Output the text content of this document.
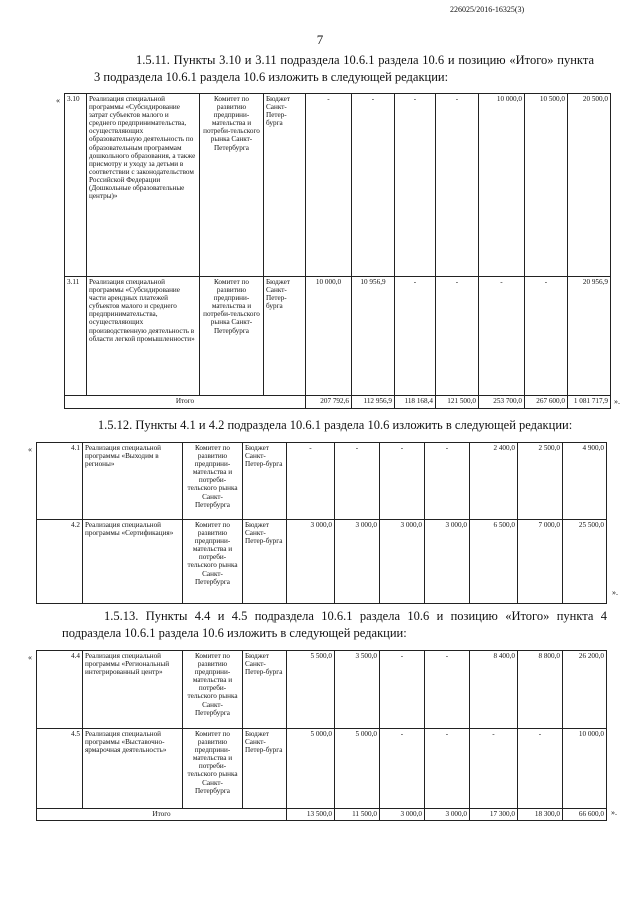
226025/2016-16325(3)
7
1.5.11. Пункты 3.10 и 3.11 подраздела 10.6.1 раздела 10.6 и позицию «Итого» пункта 3 подраздела 10.6.1 раздела 10.6 изложить в следующей редакции:
« 3.10	Реализация специальной программы «Субсидирование затрат субъектов малого и среднего предпринимательства, осуществляющих образовательную деятельность по образовательным программам дошкольного образования, а также присмотру и уходу за детьми в соответствии с законодательством Российской Федерации (Дошкольные образовательные центры)»	Комитет по развитию предприни-мательства и потреби-тельского рынка Санкт-Петербурга	Бюджет Санкт-Петер-бурга	-	-	-	-	10 000,0	10 500,0	20 500,0
3.11	Реализация специальной программы «Субсидирование части арендных платежей субъектов малого и среднего предпринимательства, осуществляющих производственную деятельность в области легкой промышленности»	Комитет по развитию предприни-мательства и потреби-тельского рынка Санкт-Петербурга	Бюджет Санкт-Петер-бурга	10 000,0	10 956,9	-	-	-	-	20 956,9
Итого				207 792,6	112 956,9	118 168,4	121 500,0	253 700,0	267 600,0	1 081 717,9 ».
1.5.12. Пункты 4.1 и 4.2 подраздела 10.6.1 раздела 10.6 изложить в следующей редакции:
«	4.1	Реализация специальной программы «Выходим в регионы»	Комитет по развитию предприни-мательства и потреби-тельского рынка Санкт-Петербурга	Бюджет Санкт-Петер-бурга	-	-	-	-	2 400,0	2 500,0	4 900,0
4.2	Реализация специальной программы «Сертификация»	Комитет по развитию предприни-мательства и потреби-тельского рынка Санкт-Петербурга	Бюджет Санкт-Петер-бурга	3 000,0	3 000,0	3 000,0	3 000,0	6 500,0	7 000,0	25 500,0
».
1.5.13. Пункты 4.4 и 4.5 подраздела 10.6.1 раздела 10.6 и позицию «Итого» пункта 4 подраздела 10.6.1 раздела 10.6 изложить в следующей редакции:
«	4.4	Реализация специальной программы «Региональный интегрированный центр»	Комитет по развитию предприни-мательства и потреби-тельского рынка Санкт-Петербурга	Бюджет Санкт-Петер-бурга	5 500,0	3 500,0	-	-	8 400,0	8 800,0	26 200,0
4.5	Реализация специальной программы «Выставочно-ярмарочная деятельность»	Комитет по развитию предприни-мательства и потреби-тельского рынка Санкт-Петербурга	Бюджет Санкт-Петер-бурга	5 000,0	5 000,0	-	-	-	-	10 000,0
Итого				13 500,0	11 500,0	3 000,0	3 000,0	17 300,0	18 300,0	66 600,0 ».
